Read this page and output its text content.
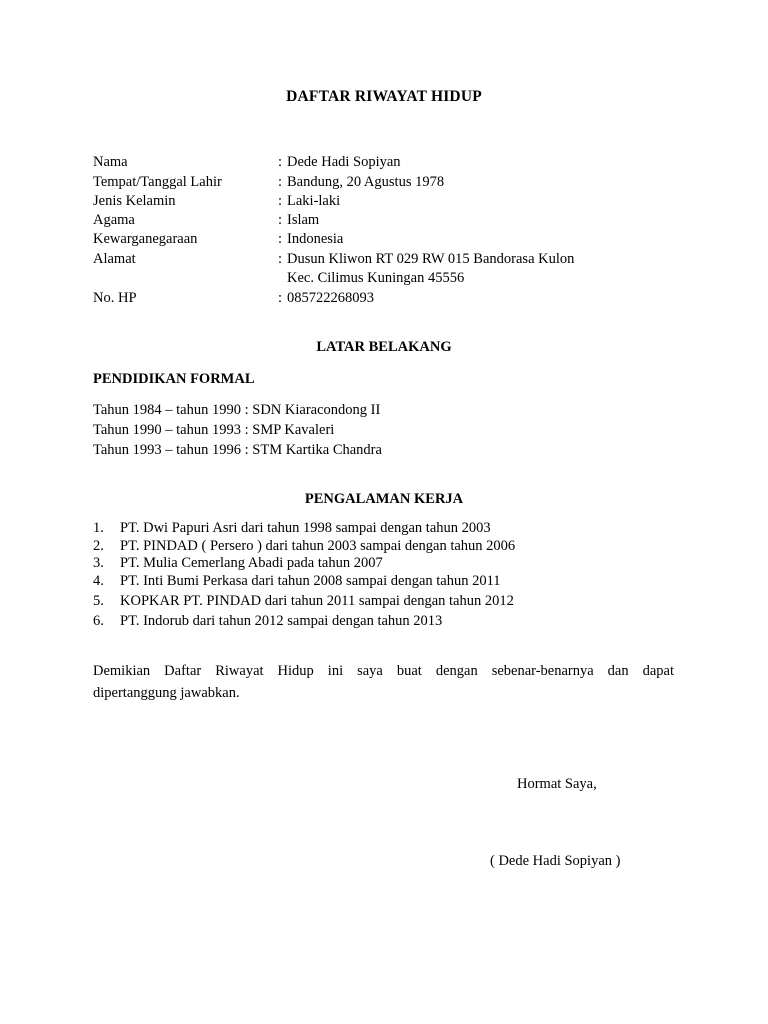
DAFTAR RIWAYAT HIDUP
Nama	: Dede Hadi Sopiyan
Tempat/Tanggal Lahir	: Bandung, 20 Agustus 1978
Jenis Kelamin	: Laki-laki
Agama	: Islam
Kewarganegaraan	: Indonesia
Alamat	: Dusun Kliwon RT 029 RW 015 Bandorasa Kulon
Kec. Cilimus Kuningan 45556
No. HP	: 085722268093
LATAR BELAKANG
PENDIDIKAN FORMAL
Tahun 1984 – tahun 1990 : SDN Kiaracondong II
Tahun 1990 – tahun 1993 : SMP Kavaleri
Tahun 1993 – tahun 1996 : STM Kartika Chandra
PENGALAMAN KERJA
1. PT. Dwi Papuri Asri dari tahun 1998 sampai dengan tahun 2003
2. PT. PINDAD ( Persero ) dari tahun 2003 sampai dengan tahun 2006
3. PT. Mulia Cemerlang Abadi pada tahun 2007
4. PT. Inti Bumi Perkasa dari tahun 2008 sampai dengan tahun 2011
5. KOPKAR PT. PINDAD dari tahun 2011 sampai dengan tahun 2012
6. PT. Indorub dari tahun 2012 sampai dengan tahun 2013
Demikian Daftar Riwayat Hidup ini saya buat dengan sebenar-benarnya dan dapat
dipertanggung jawabkan.
Hormat Saya,
( Dede Hadi Sopiyan )
